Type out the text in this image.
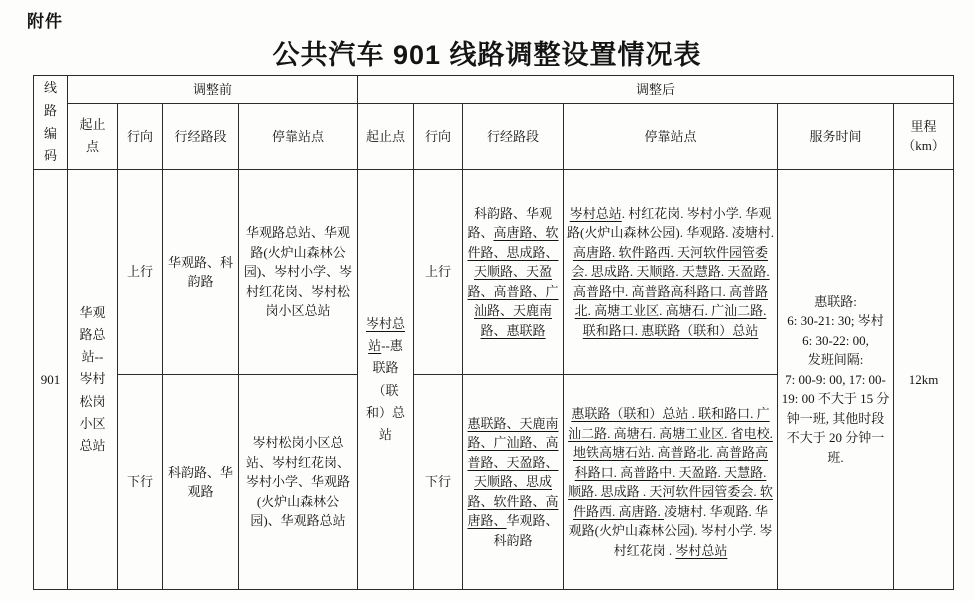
附件
公共汽车 901 线路调整设置情况表
线路编码	调整前				调整后					

	起止点	行向	行经路段	停靠站点	起止点	行向	行经路段	停靠站点	服务时间	里程
（km）

901	华观路总站--岑村松岗小区总站	上行	华观路、科韵路	华观路总站、华观路(火炉山森林公园)、岑村小学、岑村红花岗、岑村松岗小区总站	岑村总站--惠联路（联和）总站	上行	科韵路、华观路、高唐路、软件路、思成路、天顺路、天盈路、高普路、广汕路、天鹿南路、惠联路	岑村总站. 村红花岗. 岑村小学. 华观路(火炉山森林公园). 华观路. 凌塘村. 高唐路. 软件路西. 天河软件园管委会. 思成路. 天顺路. 天慧路. 天盈路. 高普路中. 高普路高科路口. 高普路北. 高塘工业区. 高塘石. 广汕二路. 联和路口. 惠联路（联和）总站	惠联路:
6: 30-21: 30; 岑村 6: 30-22: 00,
发班间隔:
7: 00-9: 00, 17: 00-19: 00 不大于 15 分钟一班, 其他时段不大于 20 分钟一班.	12km
		下行	科韵路、华观路	岑村松岗小区总站、岑村红花岗、岑村小学、华观路(火炉山森林公园)、华观路总站		下行	惠联路、天鹿南路、广汕路、高普路、天盈路、天顺路、思成路、软件路、高唐路、华观路、科韵路	惠联路（联和）总站 . 联和路口. 广汕二路. 高塘石. 高塘工业区. 省电校. 地铁高塘石站. 高普路北. 高普路高科路口. 高普路中. 天盈路. 天慧路. 顺路. 思成路 . 天河软件园管委会. 软件路西. 高唐路. 凌塘村. 华观路. 华观路(火炉山森林公园). 岑村小学. 岑村红花岗 . 岑村总站		
